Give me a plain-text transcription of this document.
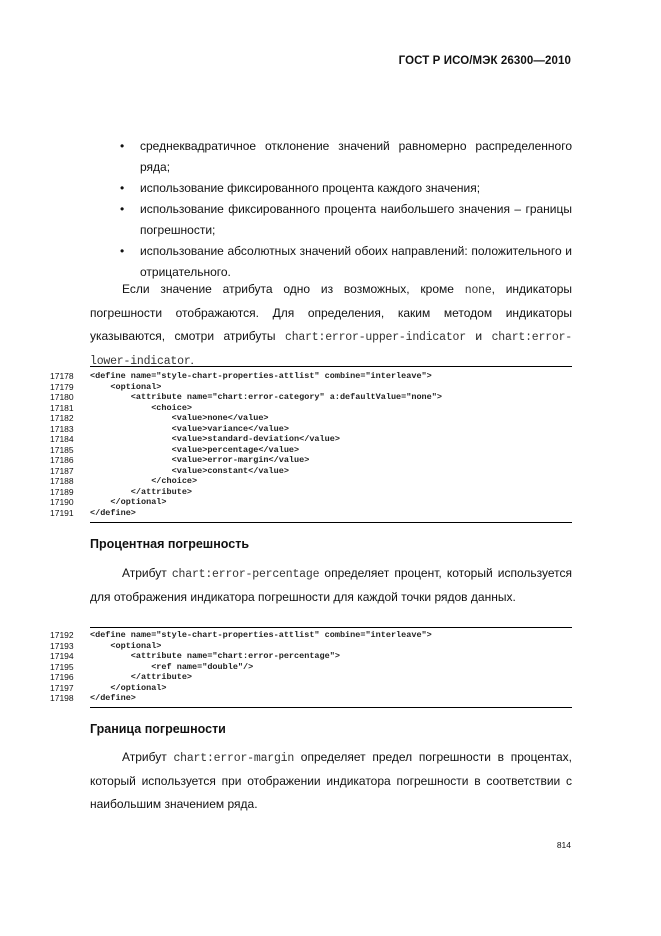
ГОСТ Р ИСО/МЭК 26300—2010
• среднеквадратичное отклонение значений равномерно распределенного ряда;
• использование фиксированного процента каждого значения;
• использование фиксированного процента наибольшего значения – границы погрешности;
• использование абсолютных значений обоих направлений: положительного и отрицательного.

Если значение атрибута одно из возможных, кроме none, индикаторы погрешности отображаются. Для определения, каким методом индикаторы указываются, смотри атрибуты chart:error-upper-indicator и chart:error-lower-indicator.

17178	<define name="style-chart-properties-attlist" combine="interleave">
17179	<optional>
17180	<attribute name="chart:error-category" a:defaultValue="none">
17181	<choice>
17182	<value>none</value>
17183	<value>variance</value>
17184	<value>standard-deviation</value>
17185	<value>percentage</value>
17186	<value>error-margin</value>
17187	<value>constant</value>
17188	</choice>
17189	</attribute>
17190	</optional>
17191	</define>
Процентная погрешность

Атрибут chart:error-percentage определяет процент, который используется для отображения индикатора погрешности для каждой точки рядов данных.

17192	<define name="style-chart-properties-attlist" combine="interleave">
17193	<optional>
17194	<attribute name="chart:error-percentage">
17195	<ref name="double"/>
17196	</attribute>
17197	</optional>
17198	</define>
Граница погрешности

Атрибут chart:error-margin определяет предел погрешности в процентах, который используется при отображении индикатора погрешности в соответствии с наибольшим значением ряда.

814
